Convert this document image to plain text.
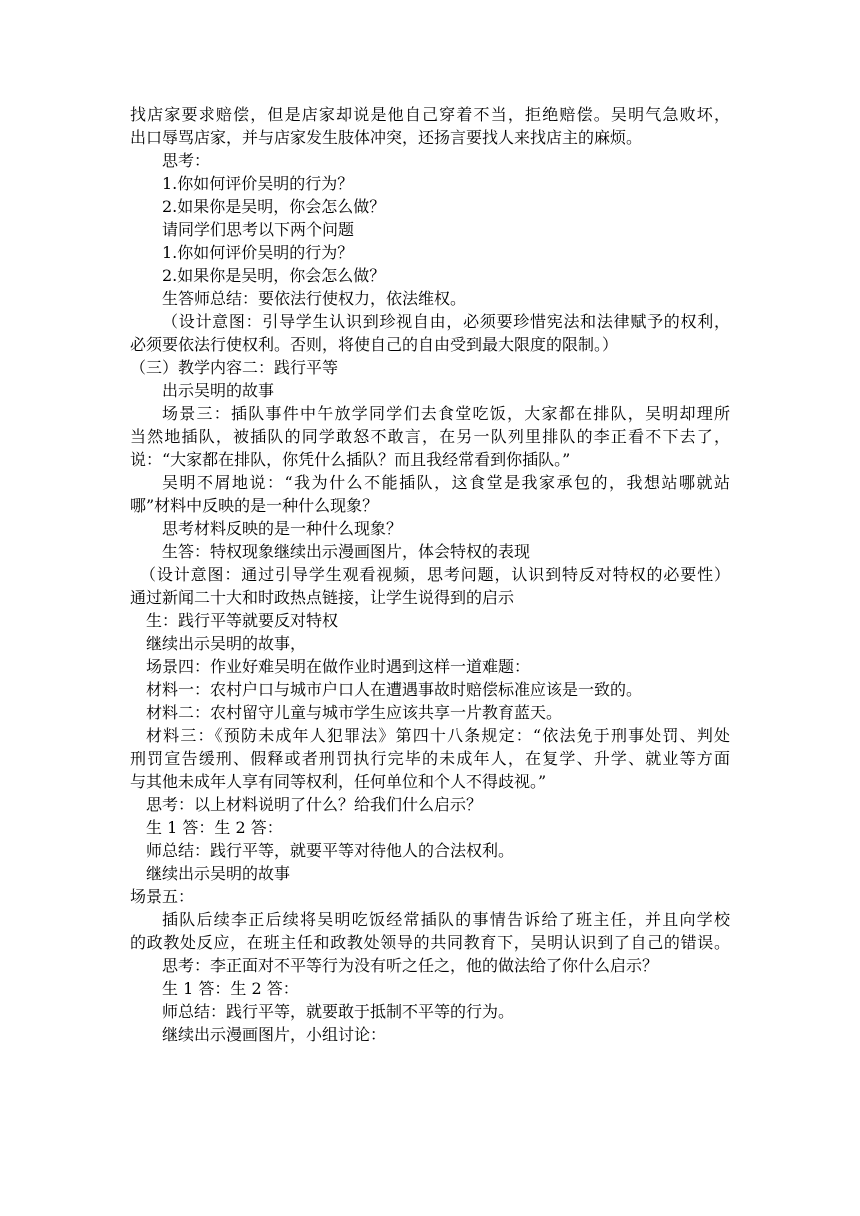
找店家要求赔偿，但是店家却说是他自己穿着不当，拒绝赔偿。吴明气急败坏，
出口辱骂店家，并与店家发生肢体冲突，还扬言要找人来找店主的麻烦。
思考：
1.你如何评价吴明的行为？
2.如果你是吴明，你会怎么做？
请同学们思考以下两个问题
1.你如何评价吴明的行为？
2.如果你是吴明，你会怎么做？
生答师总结：要依法行使权力，依法维权。
（设计意图：引导学生认识到珍视自由，必须要珍惜宪法和法律赋予的权利，
必须要依法行使权利。否则，将使自己的自由受到最大限度的限制。）
（三）教学内容二：践行平等
出示吴明的故事
场景三：插队事件中午放学同学们去食堂吃饭，大家都在排队，吴明却理所
当然地插队，被插队的同学敢怒不敢言，在另一队列里排队的李正看不下去了，
说：“大家都在排队，你凭什么插队？而且我经常看到你插队。”
吴明不屑地说：“我为什么不能插队，这食堂是我家承包的，我想站哪就站
哪”材料中反映的是一种什么现象？
思考材料反映的是一种什么现象？
生答：特权现象继续出示漫画图片，体会特权的表现
（设计意图：通过引导学生观看视频，思考问题，认识到特反对特权的必要性）
通过新闻二十大和时政热点链接，让学生说得到的启示
生：践行平等就要反对特权
继续出示吴明的故事，
场景四：作业好难吴明在做作业时遇到这样一道难题：
材料一：农村户口与城市户口人在遭遇事故时赔偿标准应该是一致的。
材料二：农村留守儿童与城市学生应该共享一片教育蓝天。
材料三：《预防未成年人犯罪法》第四十八条规定：“依法免于刑事处罚、判处
刑罚宣告缓刑、假释或者刑罚执行完毕的未成年人，在复学、升学、就业等方面
与其他未成年人享有同等权利，任何单位和个人不得歧视。”
思考：以上材料说明了什么？给我们什么启示？
生 1 答：生 2 答：
师总结：践行平等，就要平等对待他人的合法权利。
继续出示吴明的故事
场景五：
插队后续李正后续将吴明吃饭经常插队的事情告诉给了班主任，并且向学校
的政教处反应，在班主任和政教处领导的共同教育下，吴明认识到了自己的错误。
思考：李正面对不平等行为没有听之任之，他的做法给了你什么启示？
生 1 答：生 2 答：
师总结：践行平等，就要敢于抵制不平等的行为。
继续出示漫画图片，小组讨论：
